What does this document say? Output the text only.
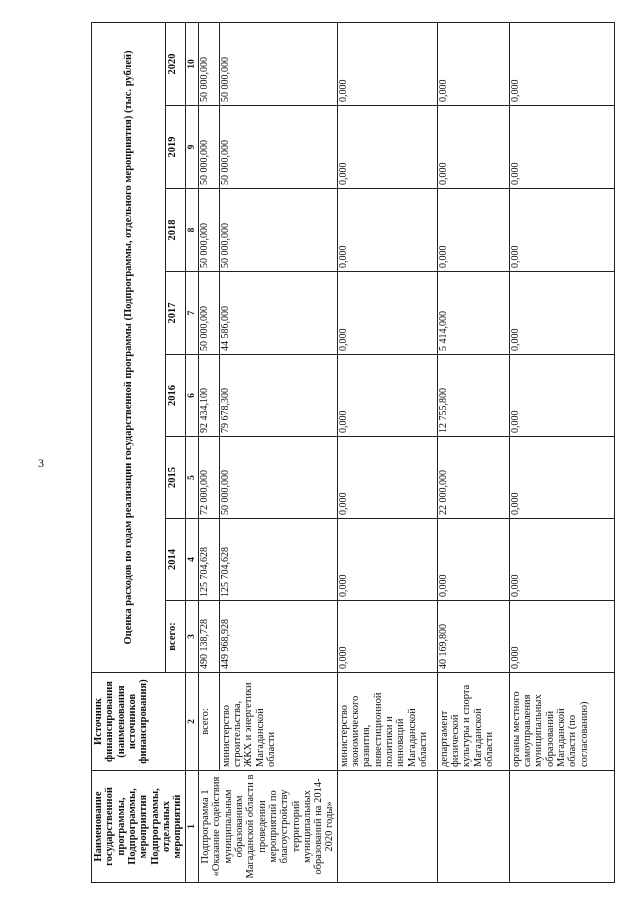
3
Наименование государственной программы, Подпрограммы, мероприятия Подпрограммы, отдельных мероприятий	Источник финансирования (наименования источников финансирования)	Оценка расходов по годам реализации государственной программы (Подпрограммы, отдельного мероприятия) (тыс. рублей)							
		всего:	2014	2015	2016	2017	2018	2019	2020
1	2	3	4	5	6	7	8	9	10
Подпрограмма 1 «Оказание содействия муниципальным образованиям Магаданской области в проведении мероприятий по благоустройству территорий муниципальных образований на 2014-2020 годы»	всего:	490 138,728	125 704,628	72 000,000	92 434,100	50 000,000	50 000,000	50 000,000	50 000,000
	министерство строительства, ЖКХ и энергетики Магаданской области	449 968,928	125 704,628	50 000,000	79 678,300	44 586,000	50 000,000	50 000,000	50 000,000
	министерство экономического развития, инвестиционной политики и инноваций Магаданской области	0,000	0,000	0,000	0,000	0,000	0,000	0,000	0,000
	департамент физической культуры и спорта Магаданской области	40 169,800	0,000	22 000,000	12 755,800	5 414,000	0,000	0,000	0,000
	органы местного самоуправления муниципальных образований Магаданской области (по согласованию)	0,000	0,000	0,000	0,000	0,000	0,000	0,000	0,000
